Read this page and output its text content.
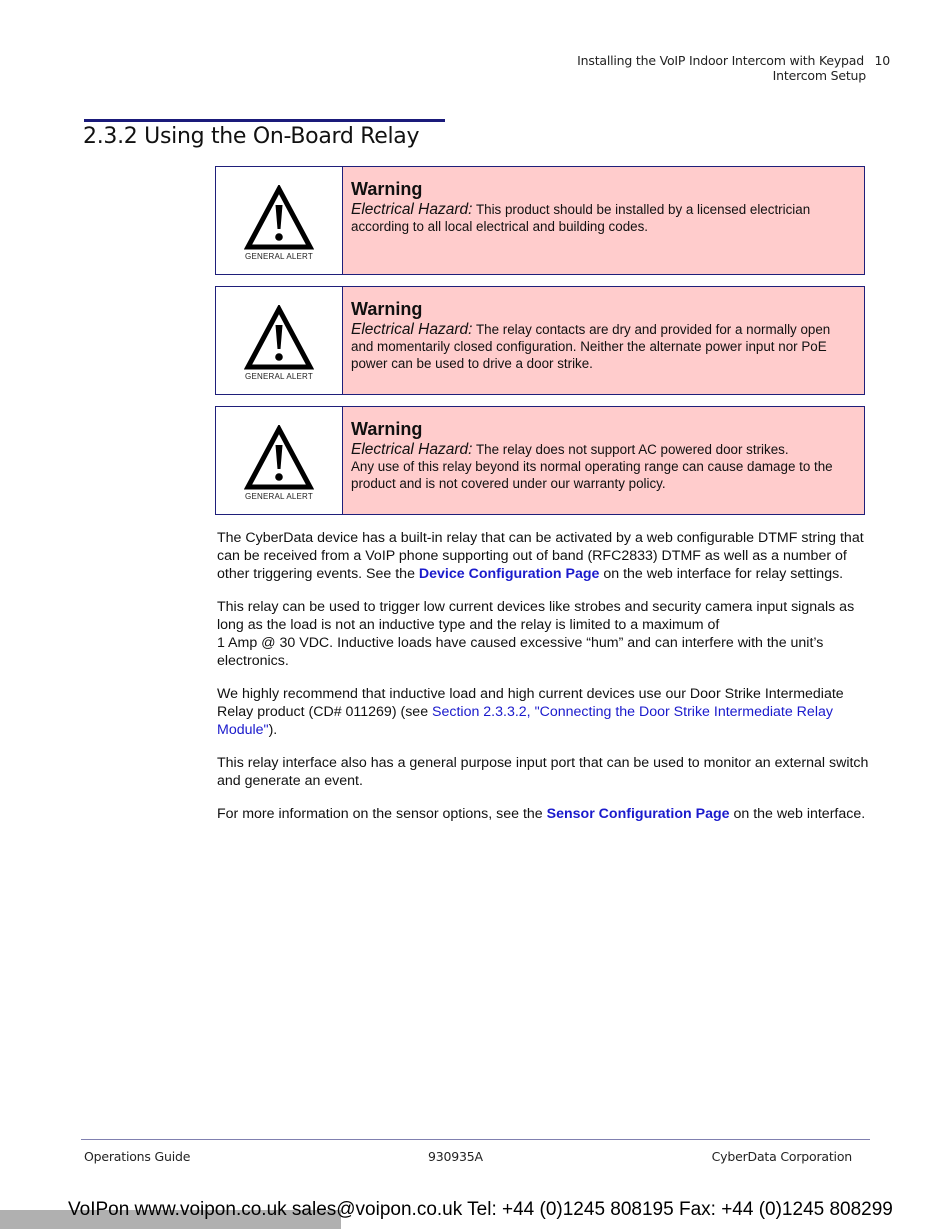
Installing the VoIP Indoor Intercom with Keypad 10
Intercom Setup
2.3.2 Using the On-Board Relay
GENERAL ALERT
Warning

Electrical Hazard: This product should be installed by a licensed electrician according to all local electrical and building codes.

GENERAL ALERT
Warning

Electrical Hazard: The relay contacts are dry and provided for a normally open and momentarily closed configuration. Neither the alternate power input nor PoE power can be used to drive a door strike.

GENERAL ALERT
Warning

Electrical Hazard: The relay does not support AC powered door strikes.
Any use of this relay beyond its normal operating range can cause damage to the product and is not covered under our warranty policy.

The CyberData device has a built-in relay that can be activated by a web configurable DTMF string that can be received from a VoIP phone supporting out of band (RFC2833) DTMF as well as a number of other triggering events. See the Device Configuration Page on the web interface for relay settings.

This relay can be used to trigger low current devices like strobes and security camera input signals as long as the load is not an inductive type and the relay is limited to a maximum of
1 Amp @ 30 VDC. Inductive loads have caused excessive “hum” and can interfere with the unit’s electronics.

We highly recommend that inductive load and high current devices use our Door Strike Intermediate Relay product (CD# 011269) (see Section 2.3.3.2, "Connecting the Door Strike Intermediate Relay Module").

This relay interface also has a general purpose input port that can be used to monitor an external switch and generate an event.

For more information on the sensor options, see the Sensor Configuration Page on the web interface.

Operations Guide	930935A	CyberData Corporation
VoIPon www.voipon.co.uk sales@voipon.co.uk Tel: +44 (0)1245 808195 Fax: +44 (0)1245 808299
